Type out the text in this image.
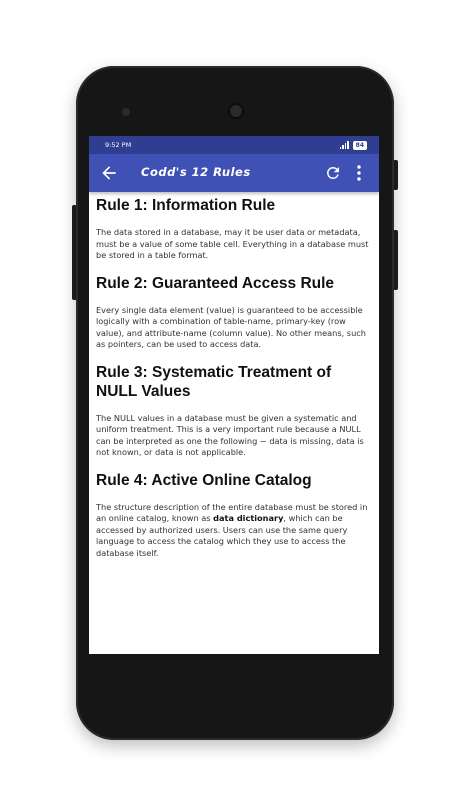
9:52 PM	84
Codd's 12 Rules
Rule 1: Information Rule

The data stored in a database, may it be user data or metadata, must be a value of some table cell. Everything in a database must be stored in a table format.

Rule 2: Guaranteed Access Rule

Every single data element (value) is guaranteed to be accessible logically with a combination of table-name, primary-key (row value), and attribute-name (column value). No other means, such as pointers, can be used to access data.

Rule 3: Systematic Treatment of NULL Values

The NULL values in a database must be given a systematic and uniform treatment. This is a very important rule because a NULL can be interpreted as one the following − data is missing, data is not known, or data is not applicable.

Rule 4: Active Online Catalog

The structure description of the entire database must be stored in an online catalog, known as data dictionary, which can be accessed by authorized users. Users can use the same query language to access the catalog which they use to access the database itself.
